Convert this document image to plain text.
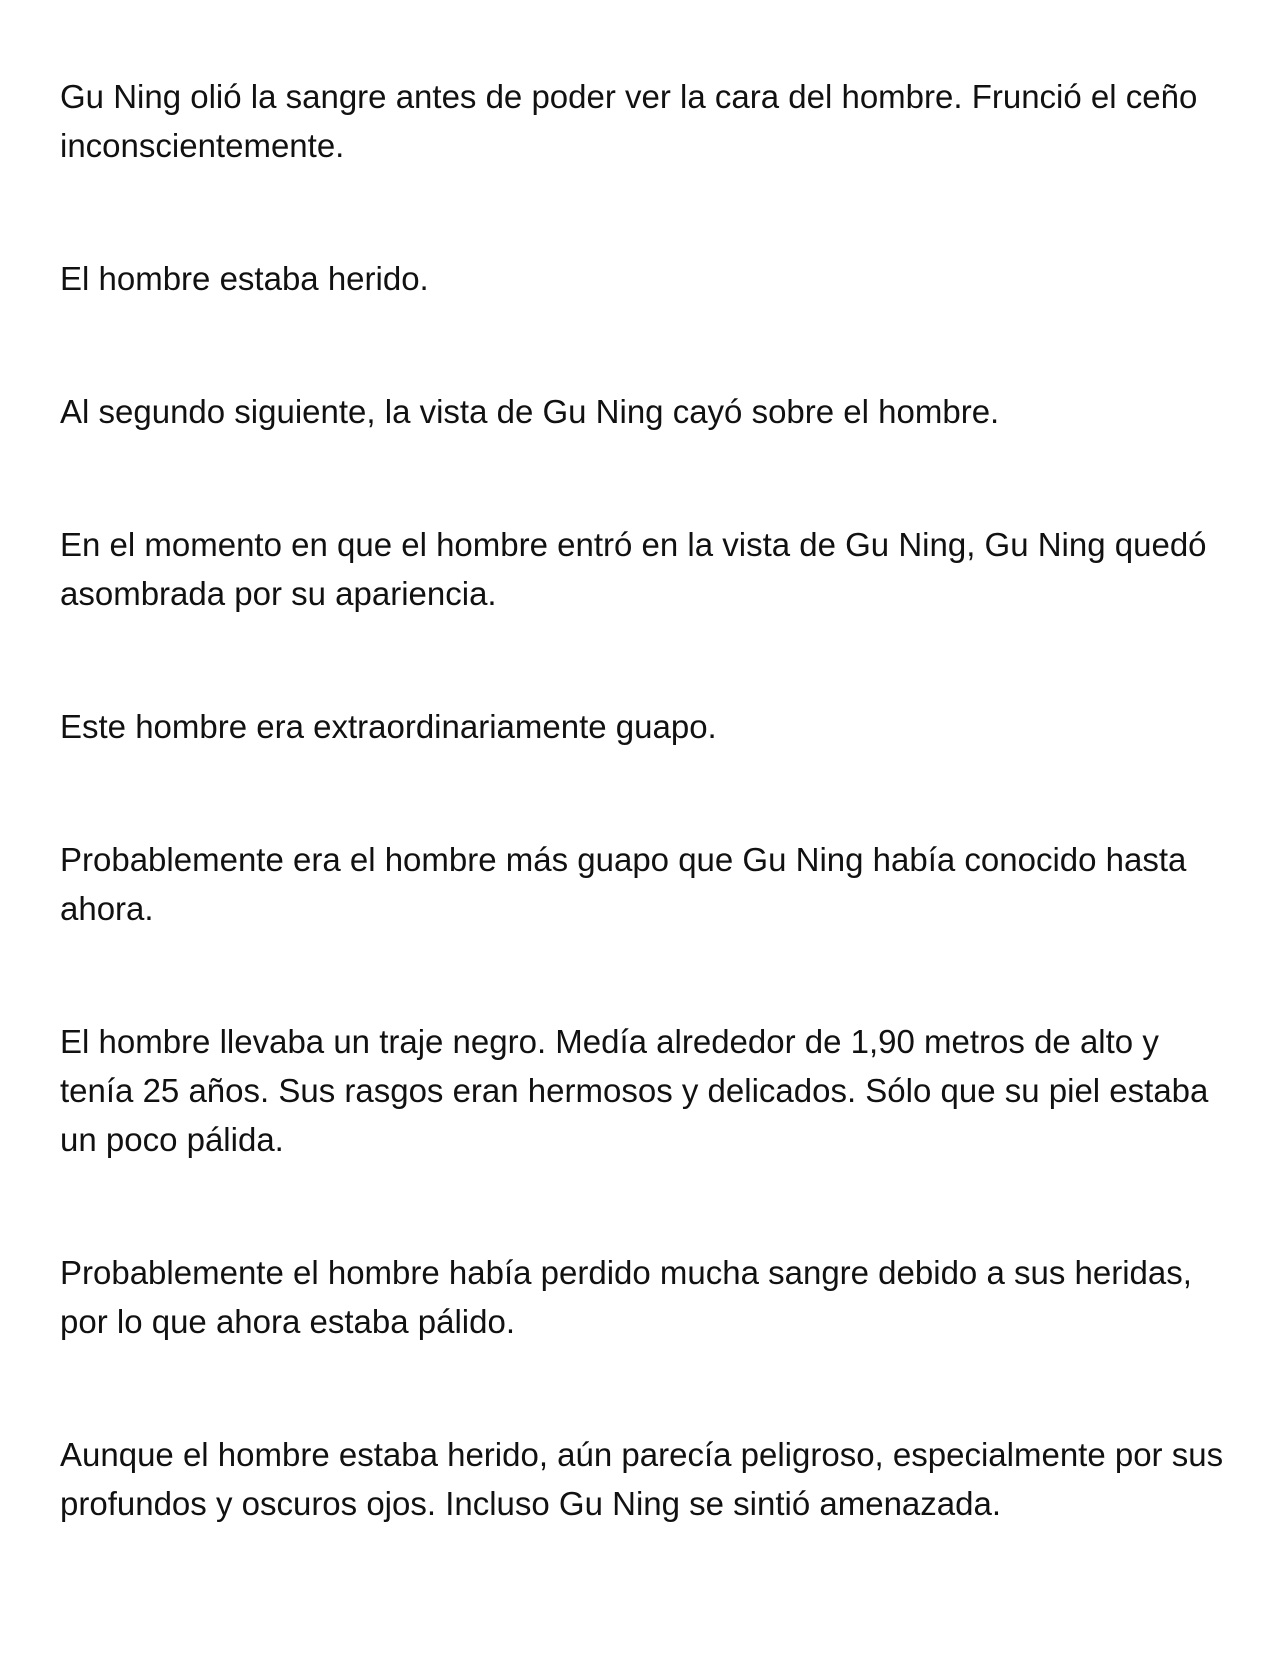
Gu Ning olió la sangre antes de poder ver la cara del hombre. Frunció el ceño inconscientemente.

El hombre estaba herido.

Al segundo siguiente, la vista de Gu Ning cayó sobre el hombre.

En el momento en que el hombre entró en la vista de Gu Ning, Gu Ning quedó asombrada por su apariencia.

Este hombre era extraordinariamente guapo.

Probablemente era el hombre más guapo que Gu Ning había conocido hasta ahora.

El hombre llevaba un traje negro. Medía alrededor de 1,90 metros de alto y tenía 25 años. Sus rasgos eran hermosos y delicados. Sólo que su piel estaba un poco pálida.

Probablemente el hombre había perdido mucha sangre debido a sus heridas, por lo que ahora estaba pálido.

Aunque el hombre estaba herido, aún parecía peligroso, especialmente por sus profundos y oscuros ojos. Incluso Gu Ning se sintió amenazada.
